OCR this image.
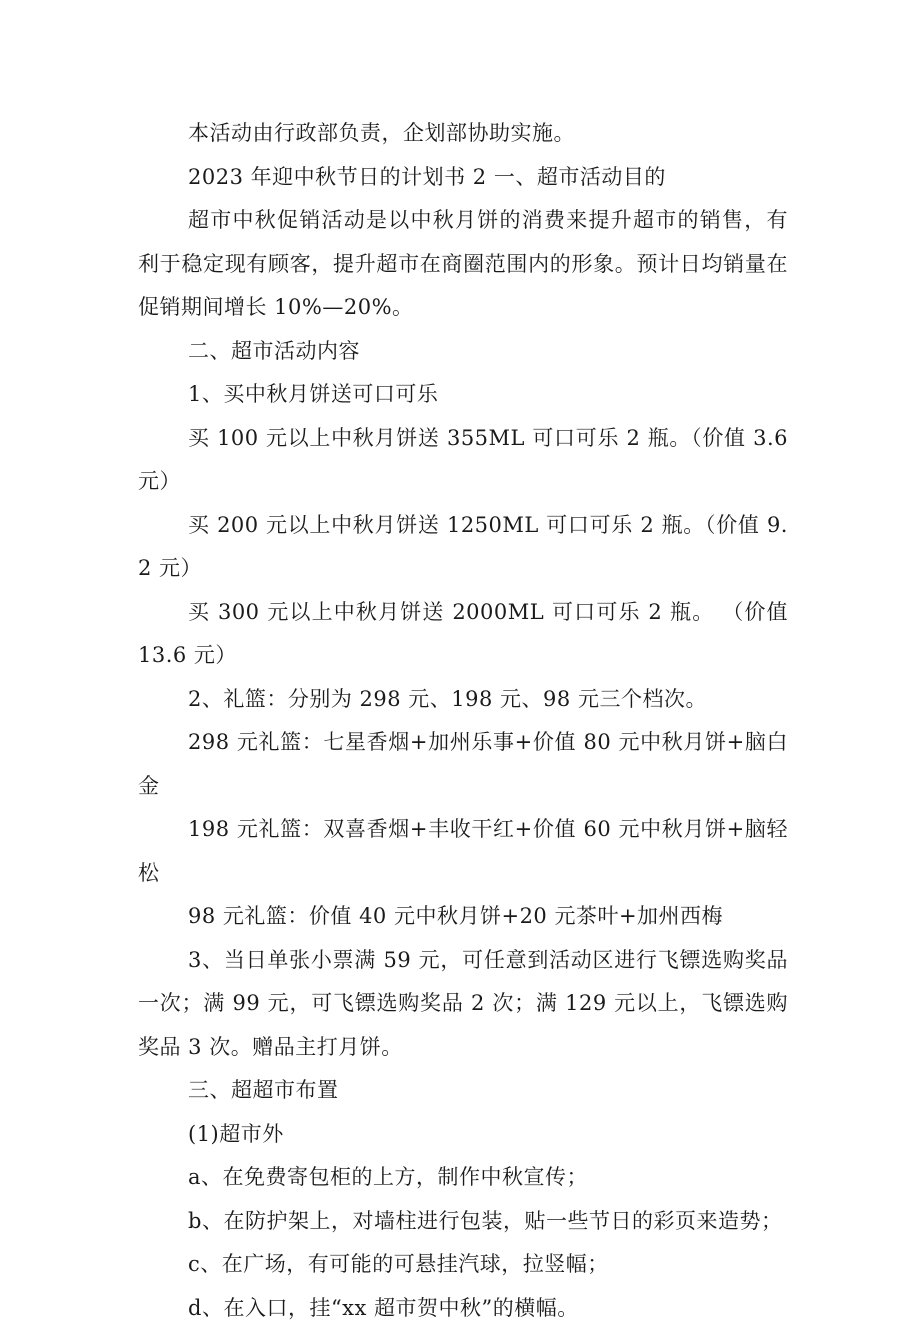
本活动由行政部负责，企划部协助实施。

2023 年迎中秋节日的计划书 2 一、超市活动目的

超市中秋促销活动是以中秋月饼的消费来提升超市的销售，有利于稳定现有顾客，提升超市在商圈范围内的形象。预计日均销量在促销期间增长 10%—20%。

二、超市活动内容

1、买中秋月饼送可口可乐

买 100 元以上中秋月饼送 355ML 可口可乐 2 瓶。（价值 3.6 元）

买 200 元以上中秋月饼送 1250ML 可口可乐 2 瓶。（价值 9.2 元）

买 300 元以上中秋月饼送 2000ML 可口可乐 2 瓶。 （价值 13.6 元）

2、礼篮：分别为 298 元、198 元、98 元三个档次。

298 元礼篮：七星香烟+加州乐事+价值 80 元中秋月饼+脑白金

198 元礼篮：双喜香烟+丰收干红+价值 60 元中秋月饼+脑轻松

98 元礼篮：价值 40 元中秋月饼+20 元茶叶+加州西梅

3、当日单张小票满 59 元，可任意到活动区进行飞镖选购奖品一次；满 99 元，可飞镖选购奖品 2 次；满 129 元以上，飞镖选购奖品 3 次。赠品主打月饼。

三、超超市布置

(1)超市外

a、在免费寄包柜的上方，制作中秋宣传；

b、在防护架上，对墙柱进行包装，贴一些节日的彩页来造势；

c、在广场，有可能的可悬挂汽球，拉竖幅；

d、在入口，挂“xx 超市贺中秋”的横幅。
